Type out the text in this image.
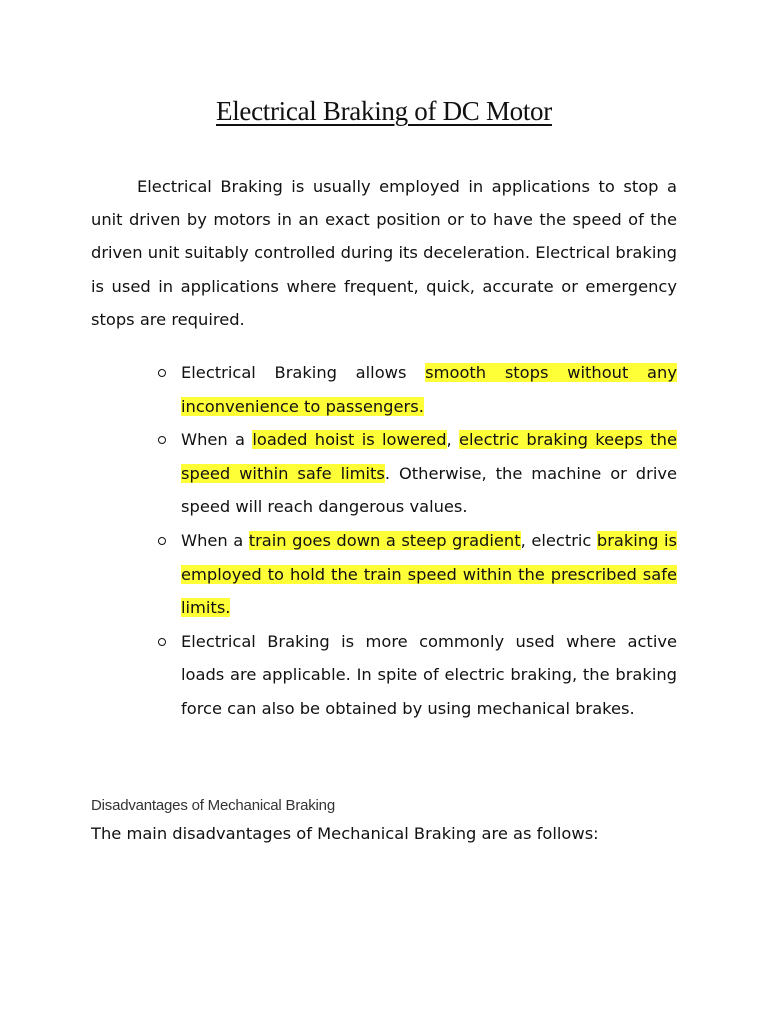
Electrical Braking of DC Motor

Electrical Braking is usually employed in applications to stop a unit driven by motors in an exact position or to have the speed of the driven unit suitably controlled during its deceleration. Electrical braking is used in applications where frequent, quick, accurate or emergency stops are required.

Electrical Braking allows smooth stops without any inconvenience to passengers.
When a loaded hoist is lowered, electric braking keeps the speed within safe limits. Otherwise, the machine or drive speed will reach dangerous values.
When a train goes down a steep gradient, electric braking is employed to hold the train speed within the prescribed safe limits.
Electrical Braking is more commonly used where active loads are applicable. In spite of electric braking, the braking force can also be obtained by using mechanical brakes.

Disadvantages of Mechanical Braking

The main disadvantages of Mechanical Braking are as follows:
